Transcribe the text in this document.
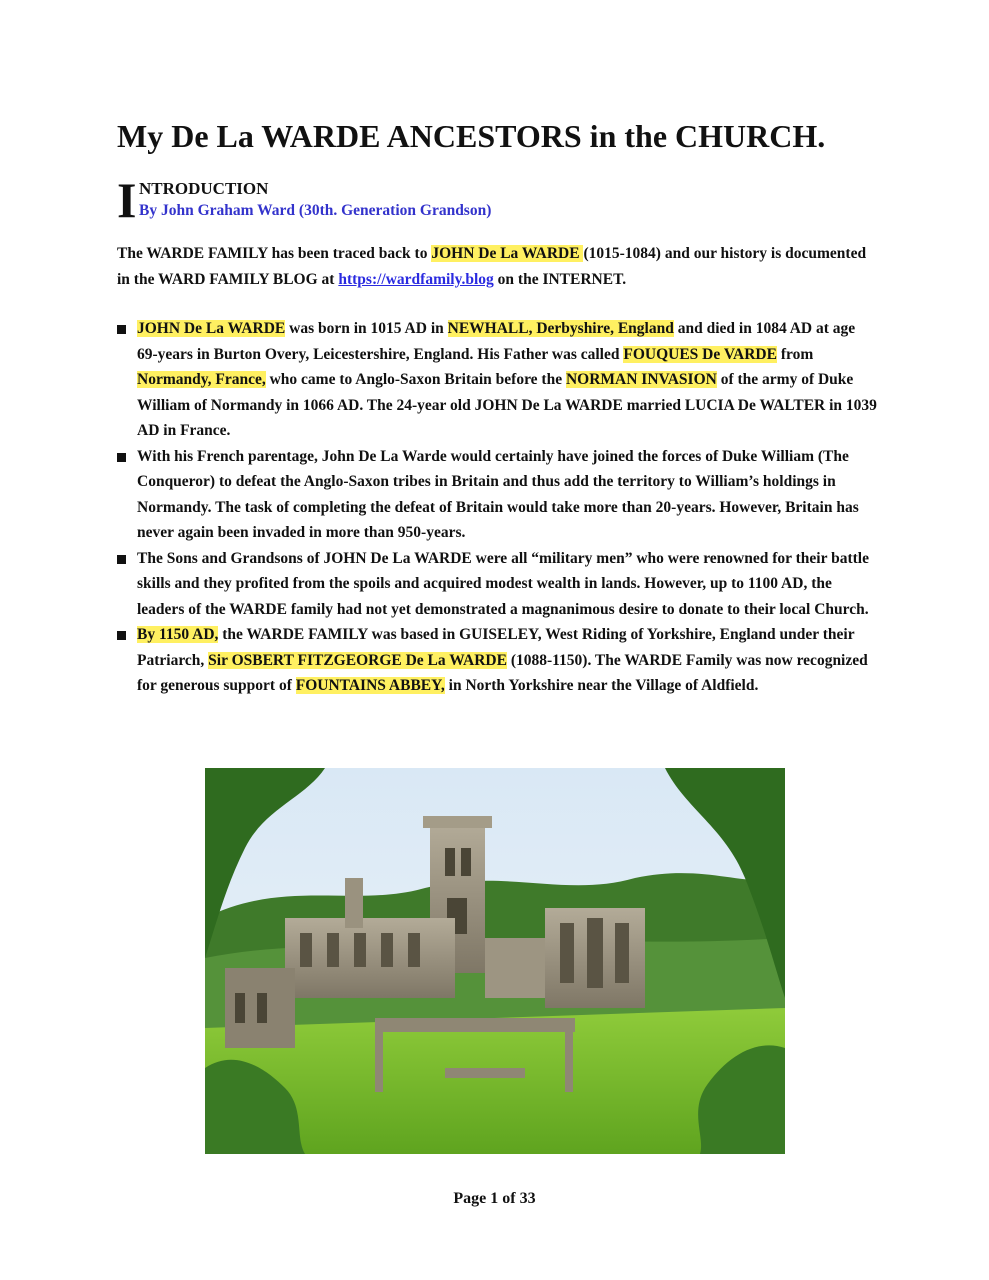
My De La WARDE ANCESTORS in the CHURCH.
I NTRODUCTION
By John Graham Ward (30th. Generation Grandson)

The WARDE FAMILY has been traced back to JOHN De La WARDE (1015-1084) and our history is documented in the WARD FAMILY BLOG at https://wardfamily.blog on the INTERNET.

JOHN De La WARDE was born in 1015 AD in NEWHALL, Derbyshire, England and died in 1084 AD at age 69-years in Burton Overy, Leicestershire, England. His Father was called FOUQUES De VARDE from Normandy, France, who came to Anglo-Saxon Britain before the NORMAN INVASION of the army of Duke William of Normandy in 1066 AD. The 24-year old JOHN De La WARDE married LUCIA De WALTER in 1039 AD in France.
With his French parentage, John De La Warde would certainly have joined the forces of Duke William (The Conqueror) to defeat the Anglo-Saxon tribes in Britain and thus add the territory to William’s holdings in Normandy. The task of completing the defeat of Britain would take more than 20-years. However, Britain has never again been invaded in more than 950-years.
The Sons and Grandsons of JOHN De La WARDE were all “military men” who were renowned for their battle skills and they profited from the spoils and acquired modest wealth in lands. However, up to 1100 AD, the leaders of the WARDE family had not yet demonstrated a magnanimous desire to donate to their local Church.
By 1150 AD, the WARDE FAMILY was based in GUISELEY, West Riding of Yorkshire, England under their Patriarch, Sir OSBERT FITZGEORGE De La WARDE (1088-1150). The WARDE Family was now recognized for generous support of FOUNTAINS ABBEY, in North Yorkshire near the Village of Aldfield.
Page 1 of 33
